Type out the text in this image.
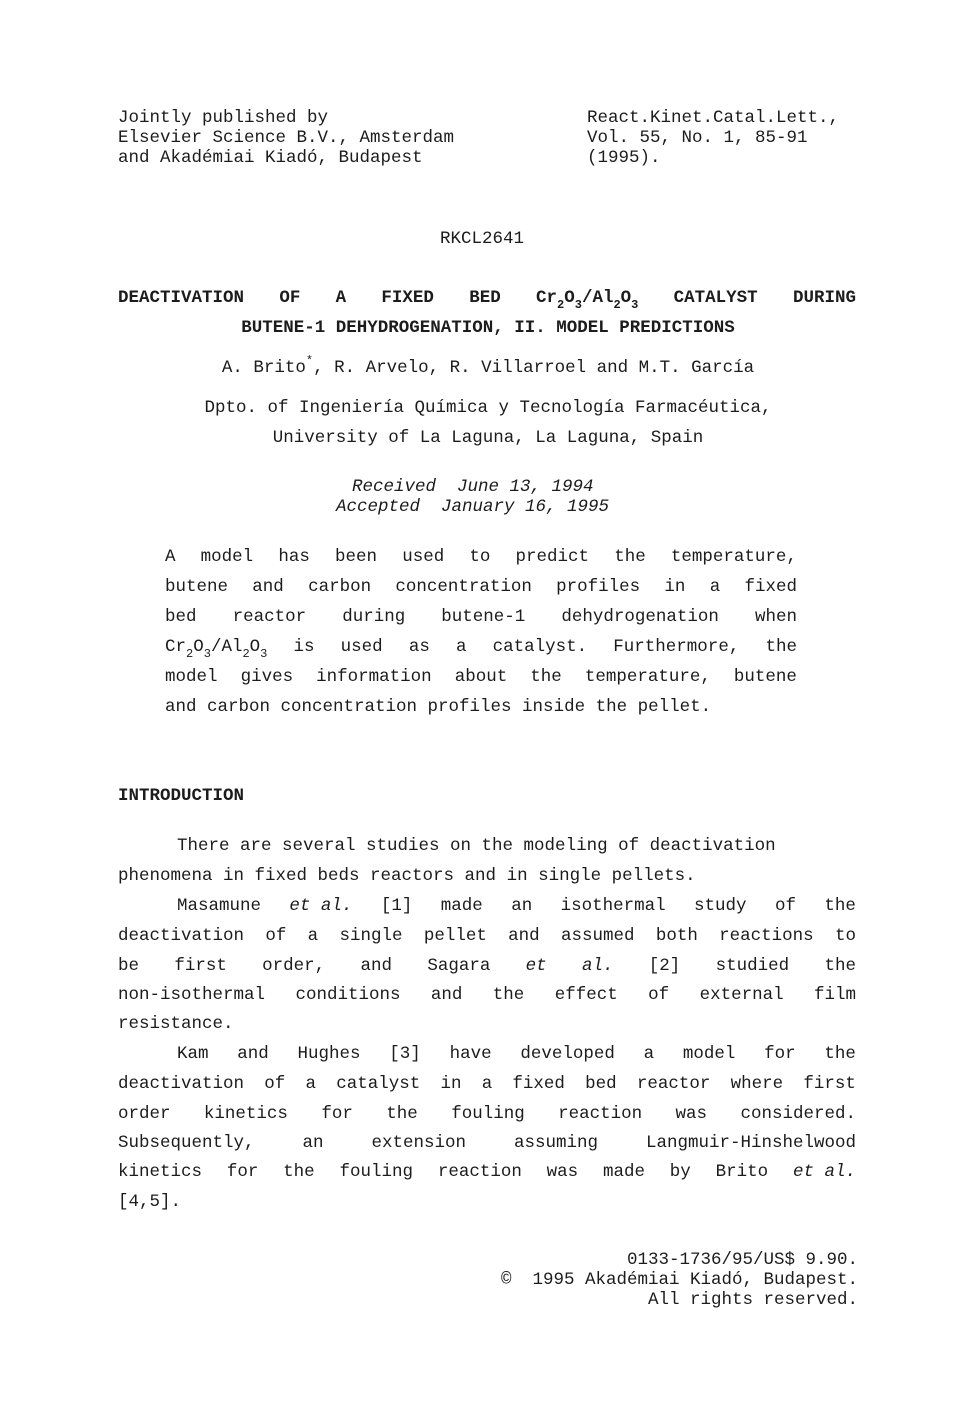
Jointly published by
Elsevier Science B.V., Amsterdam
and Akadémiai Kiadó, Budapest
React.Kinet.Catal.Lett.,
Vol. 55, No. 1, 85-91
(1995).
RKCL2641
DEACTIVATION OF A FIXED BED $Cr_2O_3/Al_2O_3$ CATALYST DURING
BUTENE-1 DEHYDROGENATION, II. MODEL PREDICTIONS
A. Brito*, R. Arvelo, R. Villarroel and M.T. García
Dpto. of Ingeniería Química y Tecnología Farmacéutica,
University of La Laguna, La Laguna, Spain
Received June 13, 1994
Accepted January 16, 1995
A model has been used to predict the temperature,
butene and carbon concentration profiles in a fixed
bed reactor during butene-1 dehydrogenation when
$Cr_2O_3/Al_2O_3$ is used as a catalyst. Furthermore, the
model gives information about the temperature, butene
and carbon concentration profiles inside the pellet.
INTRODUCTION
There are several studies on the modeling of deactivation
phenomena in fixed beds reactors and in single pellets.
Masamune et al. [1] made an isothermal study of the
deactivation of a single pellet and assumed both reactions to
be first order, and Sagara et al. [2] studied the
non-isothermal conditions and the effect of external film
resistance.
Kam and Hughes [3] have developed a model for the
deactivation of a catalyst in a fixed bed reactor where first
order kinetics for the fouling reaction was considered.
Subsequently,	an	extension	assuming	Langmuir-Hinshelwood
kinetics for the fouling reaction was made by Brito et al.
[4,5].
0133-1736/95/US$ 9.90.
©  1995 Akadémiai Kiadó, Budapest.
All rights reserved.
